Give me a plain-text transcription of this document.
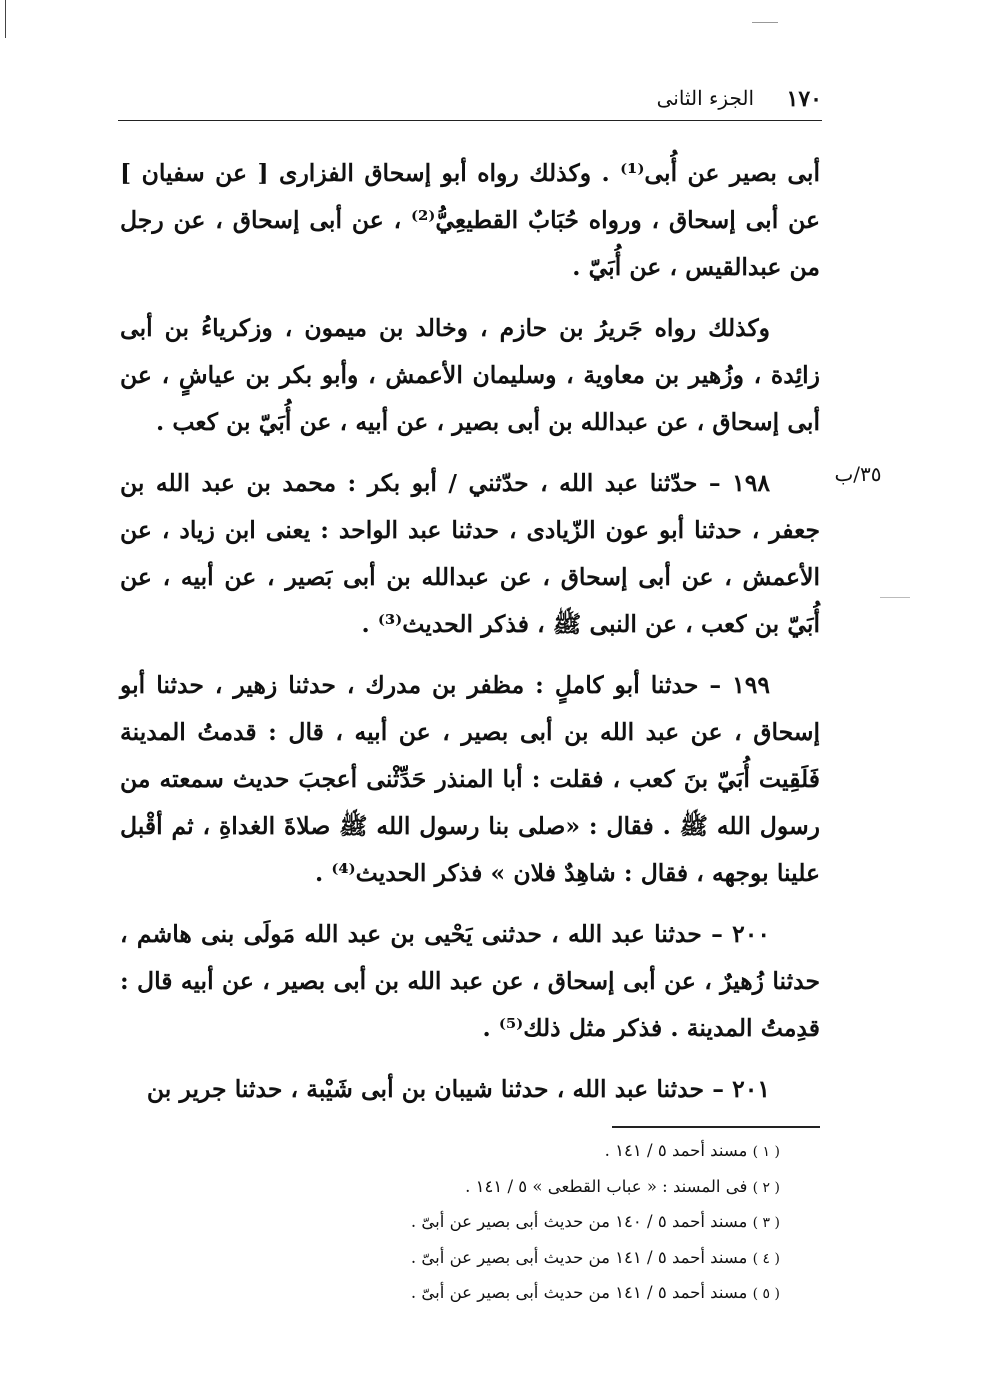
١٧٠
الجزء الثانى
٣٥/ب

أبى بصير عن أُبى⁽¹⁾ . وكذلك رواه أبو إسحاق الفزارى [ عن سفيان ] عن أبى إسحاق ، ورواه حُبَابٌ القطيعِيُّ⁽²⁾ ، عن أبى إسحاق ، عن رجل من عبدالقيس ، عن أُبَيّ .

وكذلك رواه جَريرُ بن حازم ، وخالد بن ميمون ، وزكرياءُ بن أبى زائِدة ، وزُهير بن معاوية ، وسليمان الأعمش ، وأبو بكر بن عياشٍ ، عن أبى إسحاق ، عن عبدالله بن أبى بصير ، عن أبيه ، عن أُبَيّ بن كعب .

١٩٨ – حدّثنا عبد الله ، حدّثني / أبو بكر : محمد بن عبد الله بن جعفر ، حدثنا أبو عون الزّيادى ، حدثنا عبد الواحد : يعنى ابن زياد ، عن الأعمش ، عن أبى إسحاق ، عن عبدالله بن أبى بَصير ، عن أبيه ، عن أُبَيّ بن كعب ، عن النبى ﷺ ، فذكر الحديث⁽³⁾ .

١٩٩ – حدثنا أبو كاملٍ : مظفر بن مدرك ، حدثنا زهير ، حدثنا أبو إسحاق ، عن عبد الله بن أبى بصير ، عن أبيه ، قال : قدمتُ المدينة فَلَقِيت أُبَيّ بنَ كعب ، فقلت : أبا المنذر حَدِّثْنى أعجبَ حديث سمعته من رسول الله ﷺ . فقال : «صلى بنا رسول الله ﷺ صلاةَ الغداةِ ، ثم أقْبل علينا بوجهه ، فقال : شاهِدٌ فلان » فذكر الحديث⁽⁴⁾ .

٢٠٠ – حدثنا عبد الله ، حدثنى يَحْيى بن عبد الله مَولَى بنى هاشم ، حدثنا زُهيرٌ ، عن أبى إسحاق ، عن عبد الله بن أبى بصير ، عن أبيه قال : قدِمتُ المدينة . فذكر مثل ذلك⁽⁵⁾ .

٢٠١ – حدثنا عبد الله ، حدثنا شيبان بن أبى شَيْبة ، حدثنا جرير بن

( ١ ) مسند أحمد ٥ / ١٤١ .
( ٢ ) فى المسند : « عباب القطعى » ٥ / ١٤١ .
( ٣ ) مسند أحمد ٥ / ١٤٠ من حديث أبى بصير عن أبىّ .
( ٤ ) مسند أحمد ٥ / ١٤١ من حديث أبى بصير عن أبىّ .
( ٥ ) مسند أحمد ٥ / ١٤١ من حديث أبى بصير عن أبىّ .
